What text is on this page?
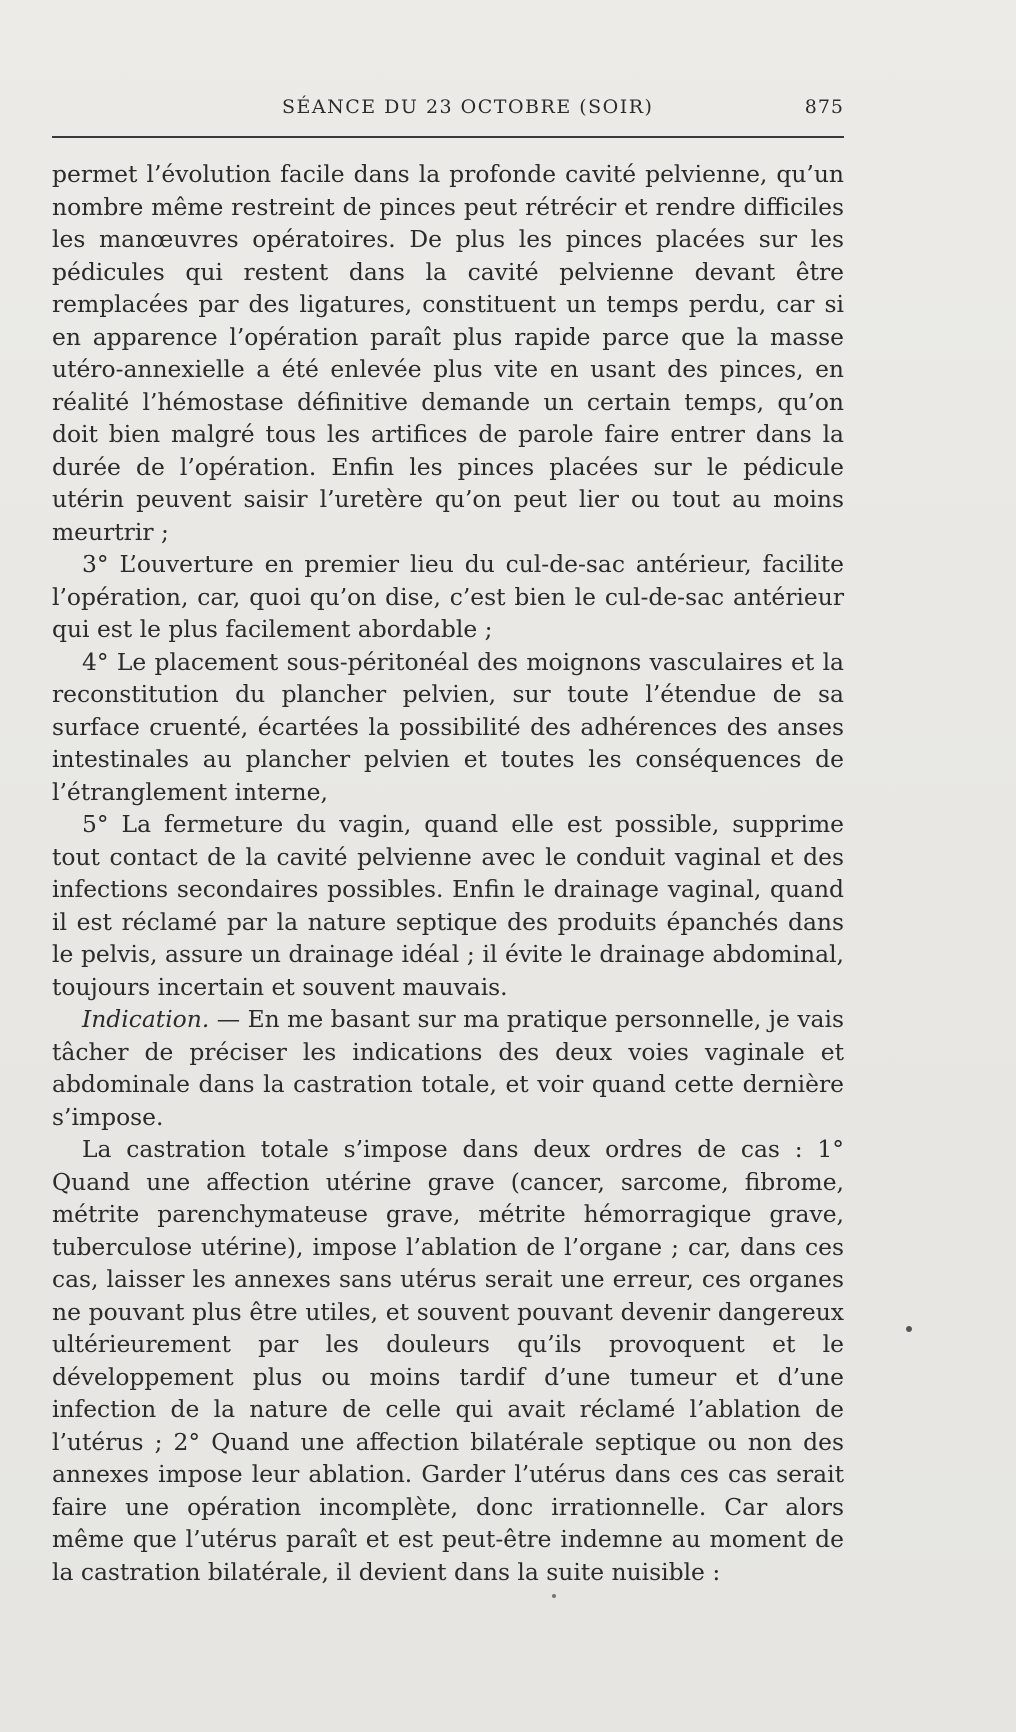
SÉANCE DU 23 OCTOBRE (SOIR)	875

permet l’évolution facile dans la profonde cavité pelvienne, qu’un nombre même restreint de pinces peut rétrécir et rendre difficiles les manœuvres opératoires. De plus les pinces placées sur les pédicules qui restent dans la cavité pelvienne devant être remplacées par des ligatures, constituent un temps perdu, car si en apparence l’opération paraît plus rapide parce que la masse utéro-annexielle a été enlevée plus vite en usant des pinces, en réalité l’hémostase définitive demande un certain temps, qu’on doit bien malgré tous les artifices de parole faire entrer dans la durée de l’opération. Enfin les pinces placées sur le pédicule utérin peuvent saisir l’uretère qu’on peut lier ou tout au moins meurtrir ;

3° L’ouverture en premier lieu du cul-de-sac antérieur, facilite l’opération, car, quoi qu’on dise, c’est bien le cul-de-sac antérieur qui est le plus facilement abordable ;

4° Le placement sous-péritonéal des moignons vasculaires et la reconstitution du plancher pelvien, sur toute l’étendue de sa surface cruenté, écartées la possibilité des adhérences des anses intestinales au plancher pelvien et toutes les conséquences de l’étranglement interne,

5° La fermeture du vagin, quand elle est possible, supprime tout contact de la cavité pelvienne avec le conduit vaginal et des infections secondaires possibles. Enfin le drainage vaginal, quand il est réclamé par la nature septique des produits épanchés dans le pelvis, assure un drainage idéal ; il évite le drainage abdominal, toujours incertain et souvent mauvais.

Indication. — En me basant sur ma pratique personnelle, je vais tâcher de préciser les indications des deux voies vaginale et abdominale dans la castration totale, et voir quand cette dernière s’impose.

La castration totale s’impose dans deux ordres de cas : 1° Quand une affection utérine grave (cancer, sarcome, fibrome, métrite parenchymateuse grave, métrite hémorragique grave, tuberculose utérine), impose l’ablation de l’organe ; car, dans ces cas, laisser les annexes sans utérus serait une erreur, ces organes ne pouvant plus être utiles, et souvent pouvant devenir dangereux ultérieurement par les douleurs qu’ils provoquent et le développement plus ou moins tardif d’une tumeur et d’une infection de la nature de celle qui avait réclamé l’ablation de l’utérus ; 2° Quand une affection bilatérale septique ou non des annexes impose leur ablation. Garder l’utérus dans ces cas serait faire une opération incomplète, donc irrationnelle. Car alors même que l’utérus paraît et est peut-être indemne au moment de la castration bilatérale, il devient dans la suite nuisible :
